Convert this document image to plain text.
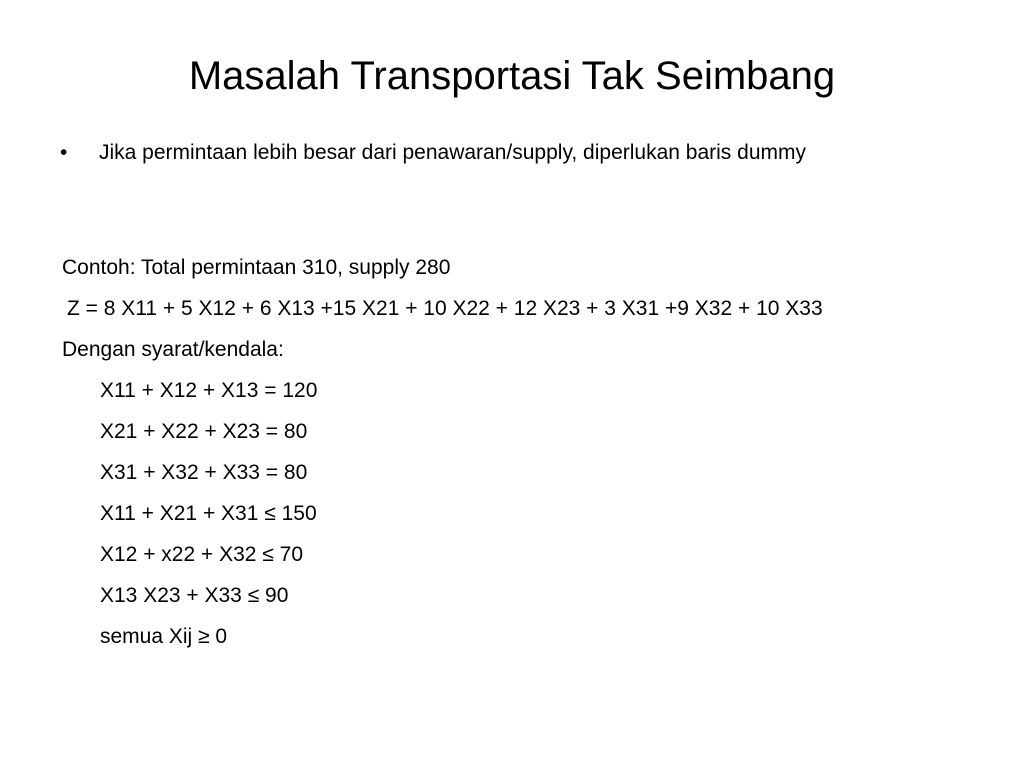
Masalah Transportasi Tak Seimbang
•	Jika permintaan lebih besar dari penawaran/supply, diperlukan baris dummy
Contoh: Total permintaan 310, supply 280
Z = 8 X11 + 5 X12 + 6 X13 +15 X21 + 10 X22 + 12 X23 + 3 X31 +9 X32 + 10 X33
Dengan syarat/kendala:
X11 + X12 + X13 = 120
X21 + X22 + X23 = 80
X31 + X32 + X33 = 80
X11 + X21 + X31 ≤ 150
X12 + x22 + X32 ≤ 70
X13 X23 + X33 ≤ 90
semua Xij ≥ 0
